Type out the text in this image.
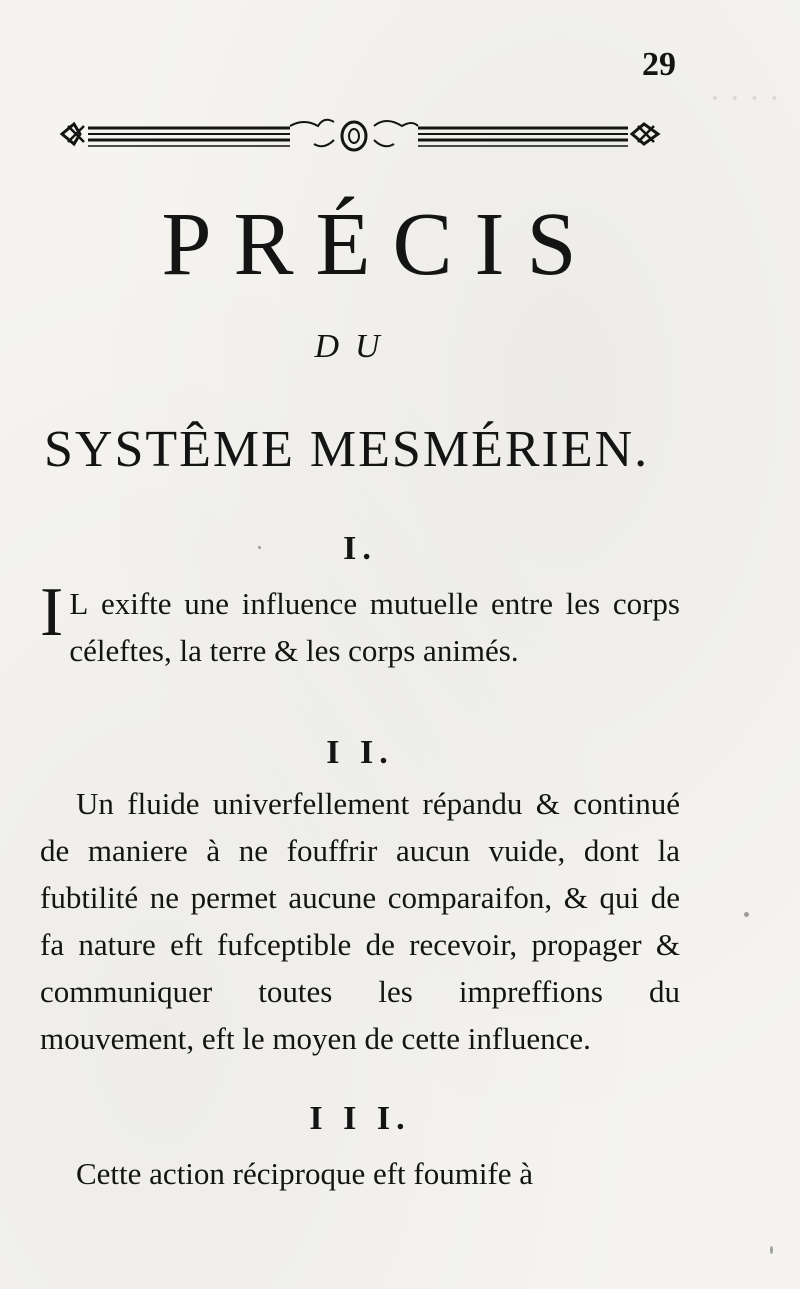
· · · ·
29
PRÉCIS
DU
SYSTÊME MESMÉRIEN.
I.
I L exifte une influence mutuelle entre les corps céleftes, la terre & les corps animés.
I I.
Un fluide univerfellement répandu & continué de maniere à ne fouffrir aucun vuide, dont la fubtilité ne permet aucune comparaifon, & qui de fa nature eft fufceptible de recevoir, propager & communiquer toutes les impreffions du mouvement, eft le moyen de cette influence.
I I I.
Cette action réciproque eft foumife à
